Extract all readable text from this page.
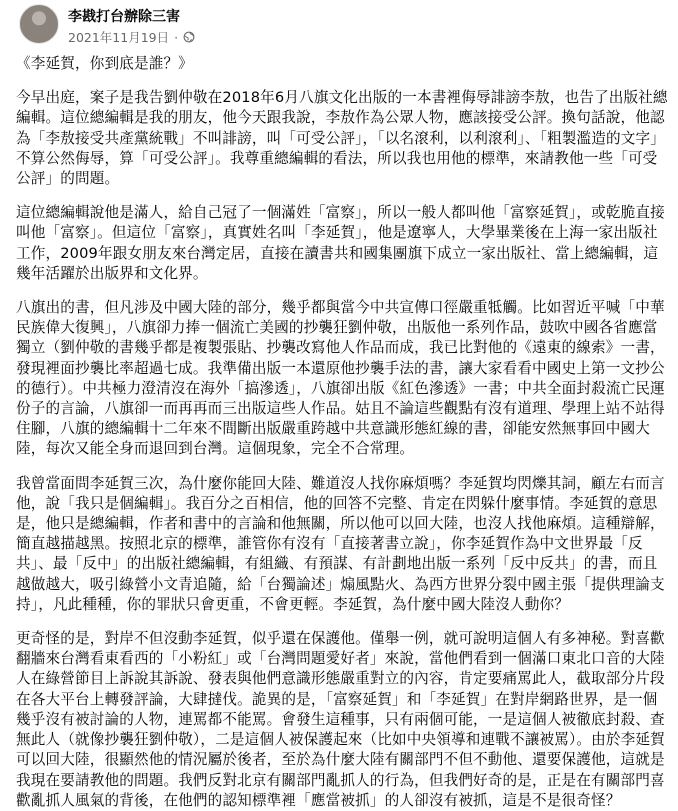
李戡打台辦除三害
2021年11月19日 ·

《李延賀，你到底是誰？》

今早出庭，案子是我告劉仲敬在2018年6月八旗文化出版的一本書裡侮辱誹謗李敖，也告了出版社總編輯。這位總編輯是我的朋友，他今天跟我說，李敖作為公眾人物，應該接受公評。換句話說，他認為「李敖接受共產黨統戰」不叫誹謗，叫「可受公評」，「以名滾利，以利滾利」、「粗製濫造的文字」不算公然侮辱，算「可受公評」。我尊重總編輯的看法，所以我也用他的標準，來請教他一些「可受公評」的問題。

這位總編輯說他是滿人，給自己冠了一個滿姓「富察」，所以一般人都叫他「富察延賀」，或乾脆直接叫他「富察」。但這位「富察」，真實姓名叫「李延賀」，他是遼寧人，大學畢業後在上海一家出版社工作，2009年跟女朋友來台灣定居，直接在讀書共和國集團旗下成立一家出版社、當上總編輯，這幾年活躍於出版界和文化界。

八旗出的書，但凡涉及中國大陸的部分，幾乎都與當今中共宣傳口徑嚴重牴觸。比如習近平喊「中華民族偉大復興」，八旗卻力捧一個流亡美國的抄襲狂劉仲敬，出版他一系列作品，鼓吹中國各省應當獨立（劉仲敬的書幾乎都是複製張貼、抄襲改寫他人作品而成，我已比對他的《遠東的線索》一書，發現裡面抄襲比率超過七成。我準備出版一本還原他抄襲手法的書，讓大家看看中國史上第一文抄公的德行）。中共極力澄清沒在海外「搞滲透」，八旗卻出版《紅色滲透》一書；中共全面封殺流亡民運份子的言論，八旗卻一而再再而三出版這些人作品。姑且不論這些觀點有沒有道理、學理上站不站得住腳，八旗的總編輯十二年來不間斷出版嚴重跨越中共意識形態紅線的書，卻能安然無事回中國大陸，每次又能全身而退回到台灣。這個現象，完全不合常理。

我曾當面問李延賀三次，為什麼你能回大陸、難道沒人找你麻煩嗎？李延賀均閃爍其詞，顧左右而言他，說「我只是個編輯」。我百分之百相信，他的回答不完整、肯定在閃躲什麼事情。李延賀的意思是，他只是總編輯，作者和書中的言論和他無關，所以他可以回大陸，也沒人找他麻煩。這種辯解，簡直越描越黑。按照北京的標準，誰管你有沒有「直接著書立說」，你李延賀作為中文世界最「反共」、最「反中」的出版社總編輯，有組織、有預謀、有計劃地出版一系列「反中反共」的書，而且越做越大，吸引綠營小文青追隨，給「台獨論述」煽風點火、為西方世界分裂中國主張「提供理論支持」，凡此種種，你的罪狀只會更重，不會更輕。李延賀，為什麼中國大陸沒人動你？

更奇怪的是，對岸不但沒動李延賀，似乎還在保護他。僅舉一例，就可說明這個人有多神秘。對喜歡翻牆來台灣看東看西的「小粉紅」或「台灣問題愛好者」來說，當他們看到一個滿口東北口音的大陸人在綠營節目上訴說其訴說、發表與他們意識形態嚴重對立的內容，肯定要痛罵此人，截取部分片段在各大平台上轉發評論，大肆撻伐。詭異的是，「富察延賀」和「李延賀」在對岸網路世界，是一個幾乎沒有被討論的人物，連罵都不能罵。會發生這種事，只有兩個可能，一是這個人被徹底封殺、查無此人（就像抄襲狂劉仲敬），二是這個人被保護起來（比如中央領導和連戰不讓被罵）。由於李延賀可以回大陸，很顯然他的情況屬於後者，至於為什麼大陸有關部門不但不動他、還要保護他，這就是我現在要請教他的問題。我們反對北京有關部門亂抓人的行為，但我們好奇的是，正是在有關部門喜歡亂抓人風氣的背後，在他們的認知標準裡「應當被抓」的人卻沒有被抓，這是不是很奇怪？
